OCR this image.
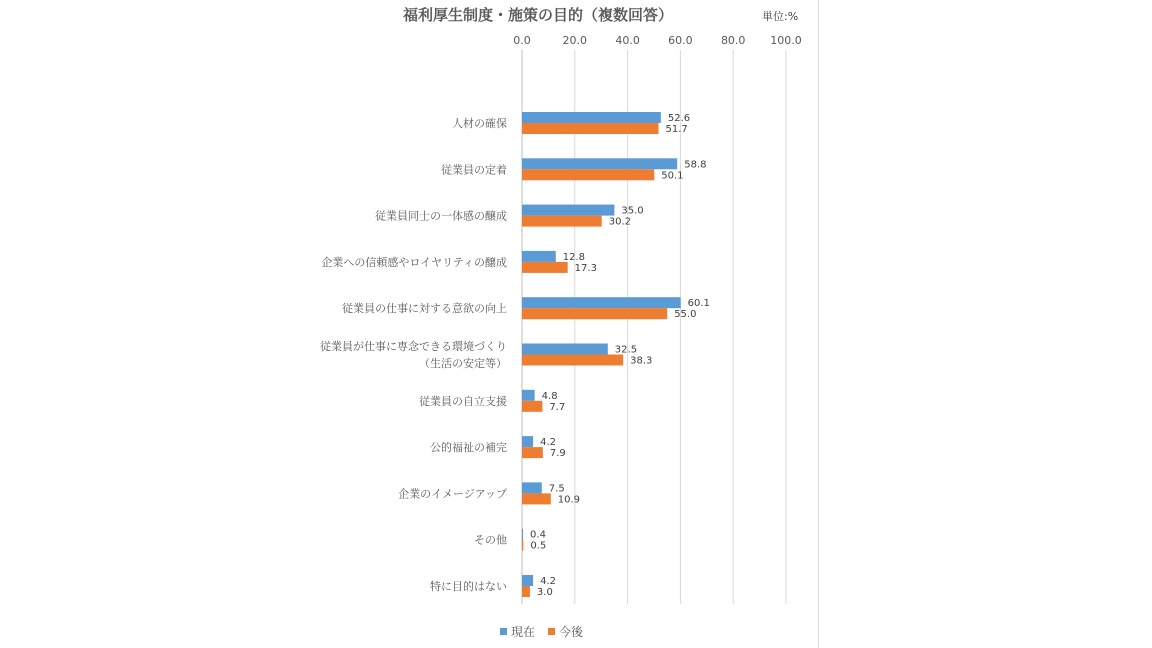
福利厚生制度・施策の目的（複数回答）	単位:%
0.0	20.0	40.0	60.0	80.0 100.0
52.6
51.7
58.8
50.1
35.0
30.2
12.8
17.3
60.1
55.0
32.5
38.3
4.8
7.7
4.2
7.9
7.5
10.9
0.4
0.5
4.2
3.0
人材の確保
従業員の定着
従業員同士の一体感の醸成
企業への信頼感やロイヤリティの醸成
従業員の仕事に対する意欲の向上
従業員が仕事に専念できる環境づくり
（生活の安定等）
従業員の自立支援
公的福祉の補完
企業のイメージアップ
その他
特に目的はない
現在 今後
